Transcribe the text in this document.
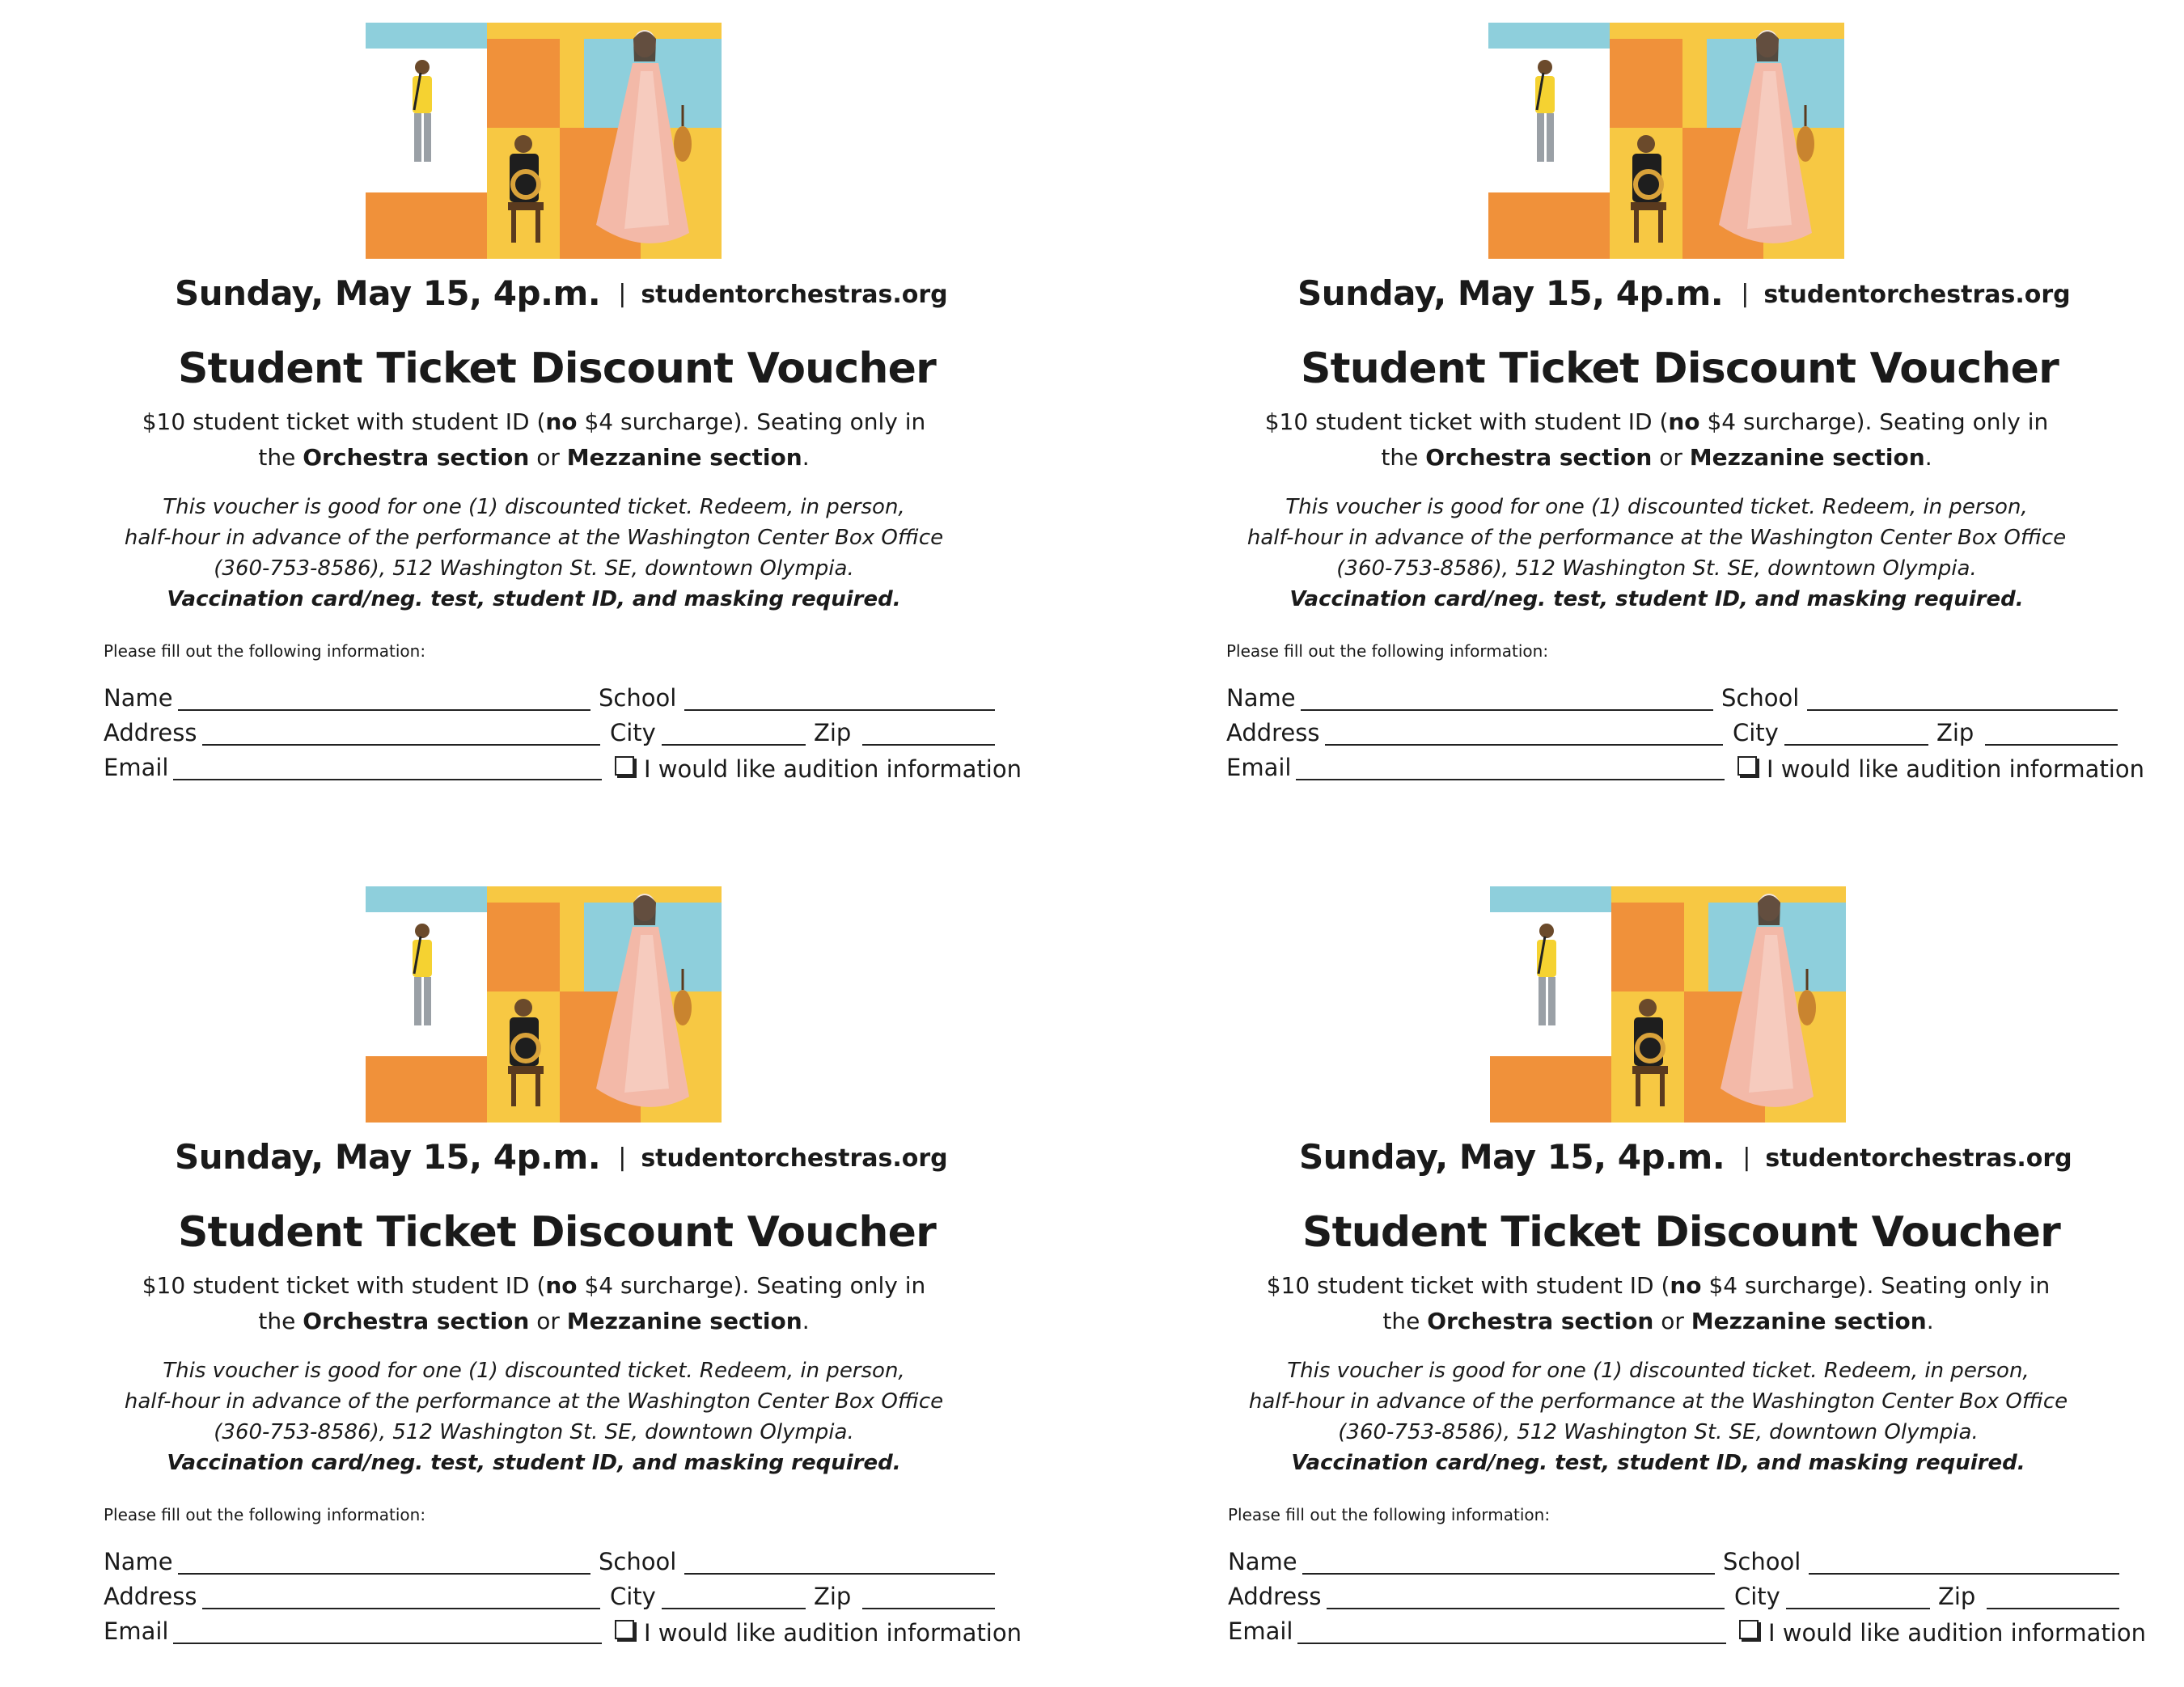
Sunday, May 15, 4p.m. | studentorchestras.org
Student Ticket Discount Voucher
$10 student ticket with student ID (no $4 surcharge). Seating only in
the Orchestra section or Mezzanine section.
This voucher is good for one (1) discounted ticket. Redeem, in person,
half-hour in advance of the performance at the Washington Center Box Office
(360-753-8586), 512 Washington St. SE, downtown Olympia.
Vaccination card/neg. test, student ID, and masking required.
Please fill out the following information:
Name	School
Address	City	Zip
Email	I would like audition information
Sunday, May 15, 4p.m. | studentorchestras.org
Student Ticket Discount Voucher
$10 student ticket with student ID (no $4 surcharge). Seating only in
the Orchestra section or Mezzanine section.
This voucher is good for one (1) discounted ticket. Redeem, in person,
half-hour in advance of the performance at the Washington Center Box Office
(360-753-8586), 512 Washington St. SE, downtown Olympia.
Vaccination card/neg. test, student ID, and masking required.
Please fill out the following information:
Name	School
Address	City	Zip
Email	I would like audition information
Sunday, May 15, 4p.m. | studentorchestras.org
Student Ticket Discount Voucher
$10 student ticket with student ID (no $4 surcharge). Seating only in
the Orchestra section or Mezzanine section.
This voucher is good for one (1) discounted ticket. Redeem, in person,
half-hour in advance of the performance at the Washington Center Box Office
(360-753-8586), 512 Washington St. SE, downtown Olympia.
Vaccination card/neg. test, student ID, and masking required.
Please fill out the following information:
Name	School
Address	City	Zip
Email	I would like audition information
Sunday, May 15, 4p.m. | studentorchestras.org
Student Ticket Discount Voucher
$10 student ticket with student ID (no $4 surcharge). Seating only in
the Orchestra section or Mezzanine section.
This voucher is good for one (1) discounted ticket. Redeem, in person,
half-hour in advance of the performance at the Washington Center Box Office
(360-753-8586), 512 Washington St. SE, downtown Olympia.
Vaccination card/neg. test, student ID, and masking required.
Please fill out the following information:
Name	School
Address	City	Zip
Email	I would like audition information
